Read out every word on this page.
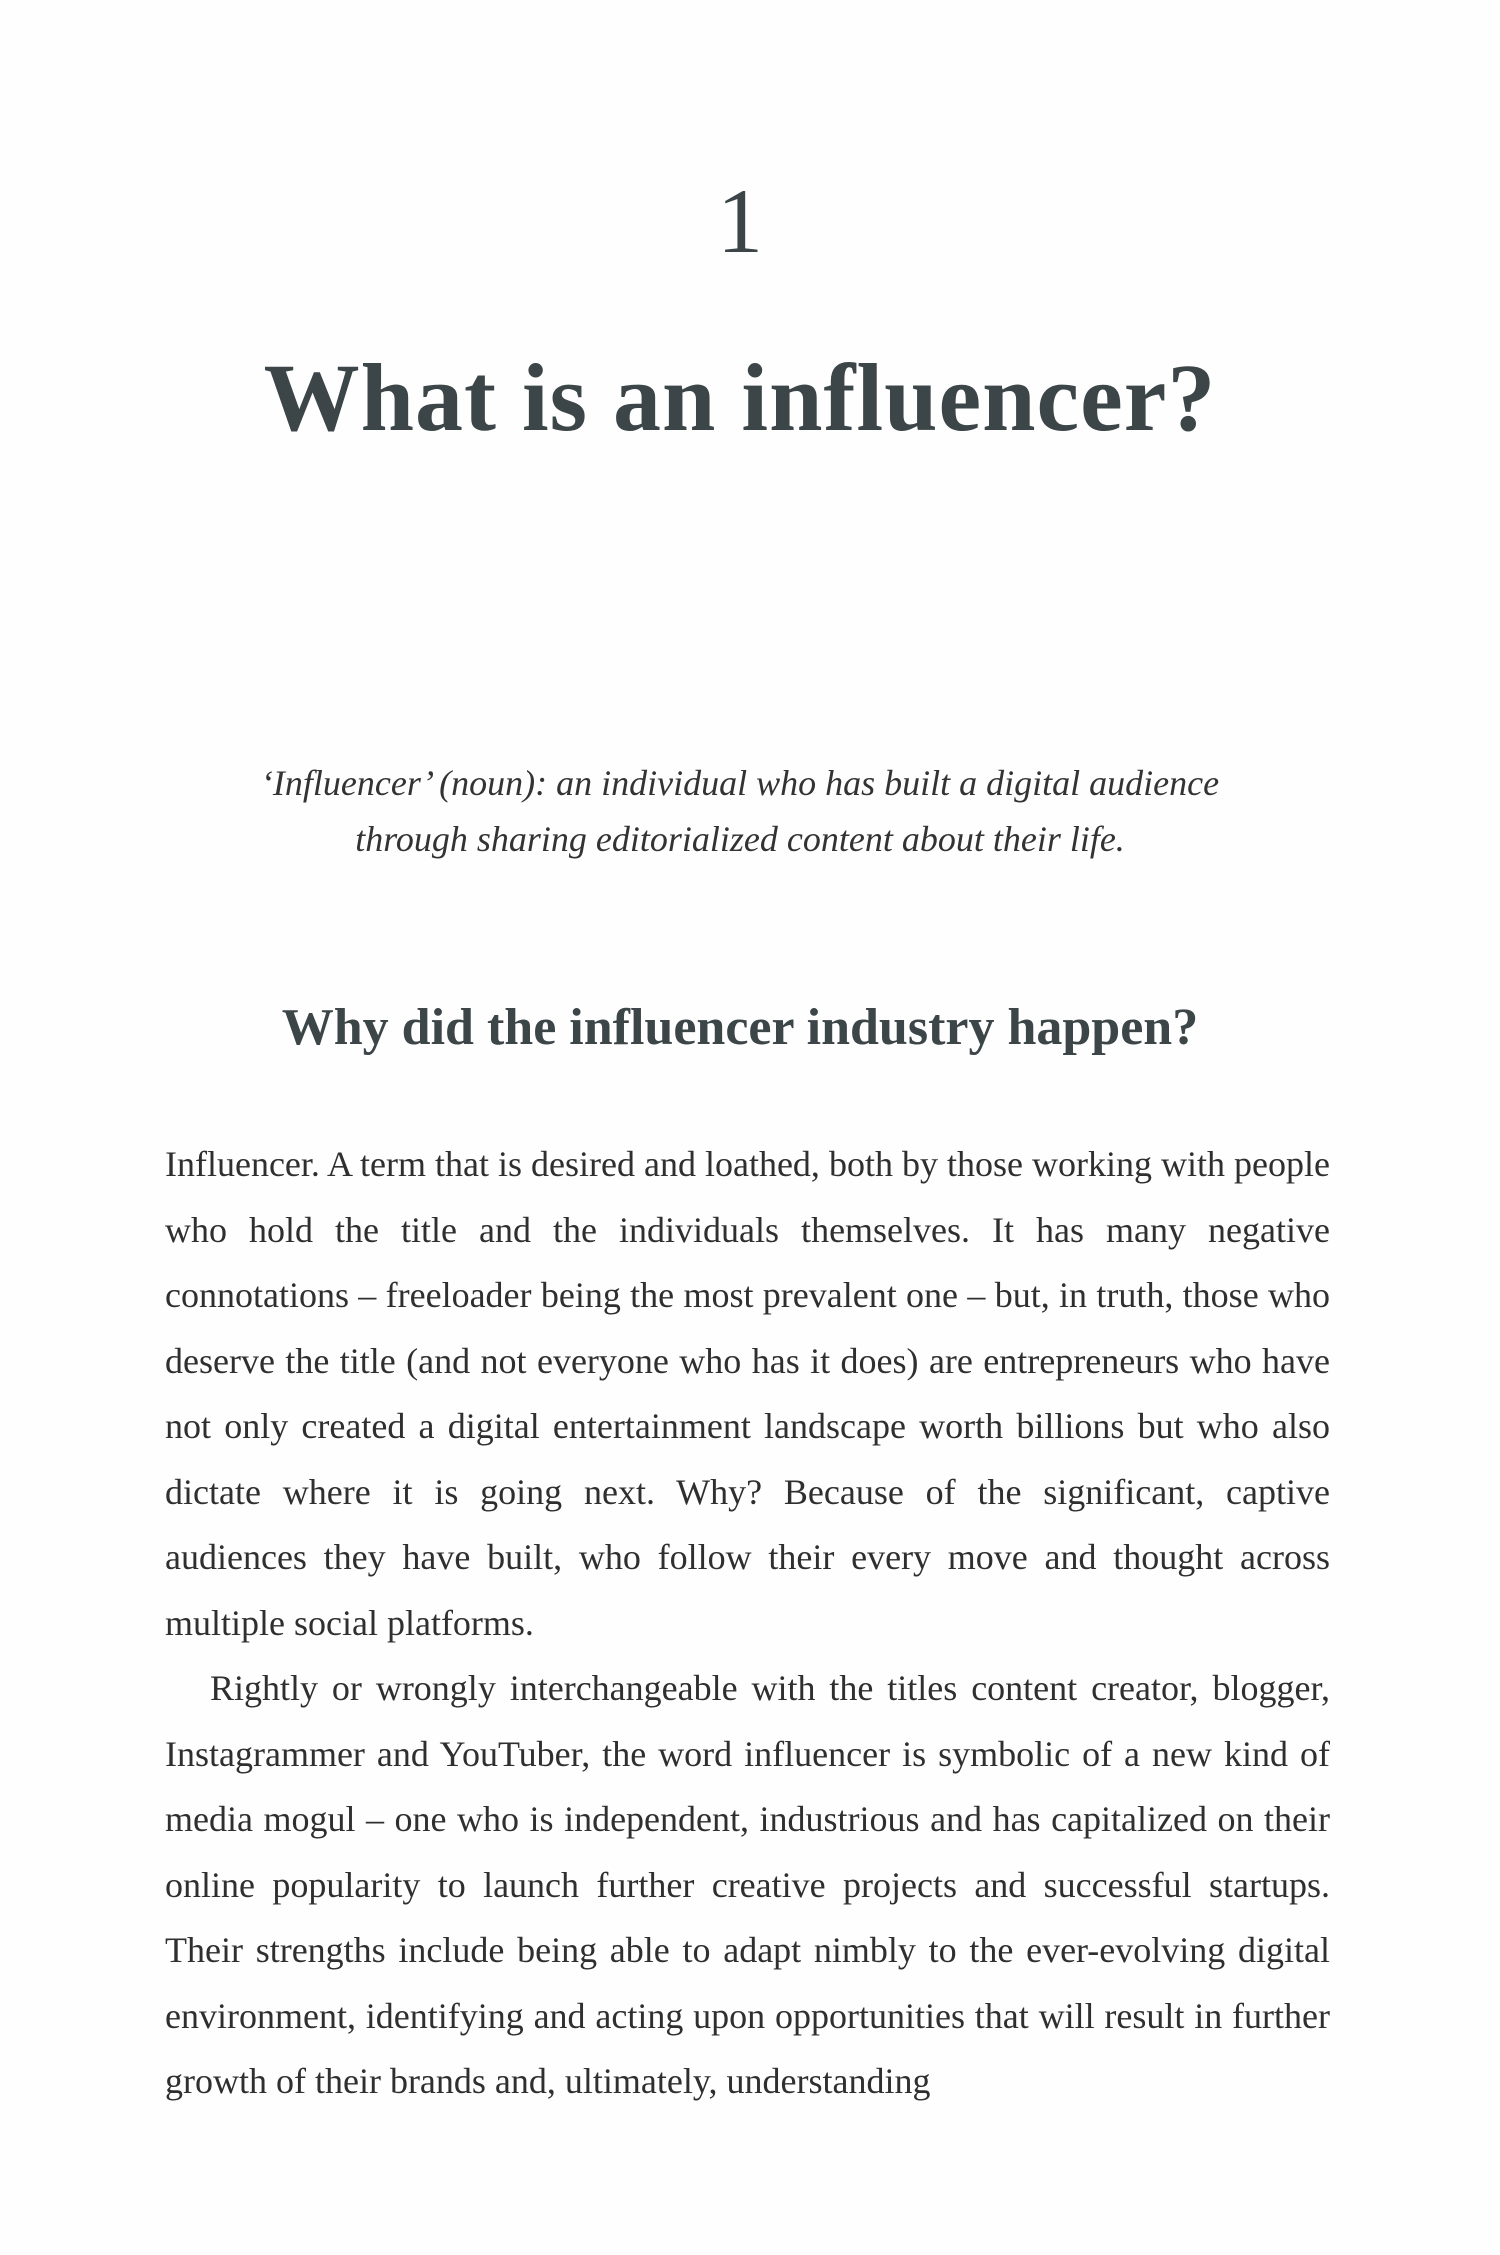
1
What is an influencer?
‘Influencer’ (noun): an individual who has built a digital audience
through sharing editorialized content about their life.
Why did the influencer industry happen?

Influencer. A term that is desired and loathed, both by those working with people who hold the title and the individuals themselves. It has many negative connotations – freeloader being the most prevalent one – but, in truth, those who deserve the title (and not everyone who has it does) are entrepreneurs who have not only created a digital entertainment landscape worth billions but who also dictate where it is going next. Why? Because of the significant, captive audiences they have built, who follow their every move and thought across multiple social platforms.

Rightly or wrongly interchangeable with the titles content creator, blogger, Instagrammer and YouTuber, the word influencer is symbolic of a new kind of media mogul – one who is independent, industrious and has capitalized on their online popularity to launch further creative projects and successful startups. Their strengths include being able to adapt nimbly to the ever-evolving digital environment, identifying and acting upon opportunities that will result in further growth of their brands and, ultimately, understanding
